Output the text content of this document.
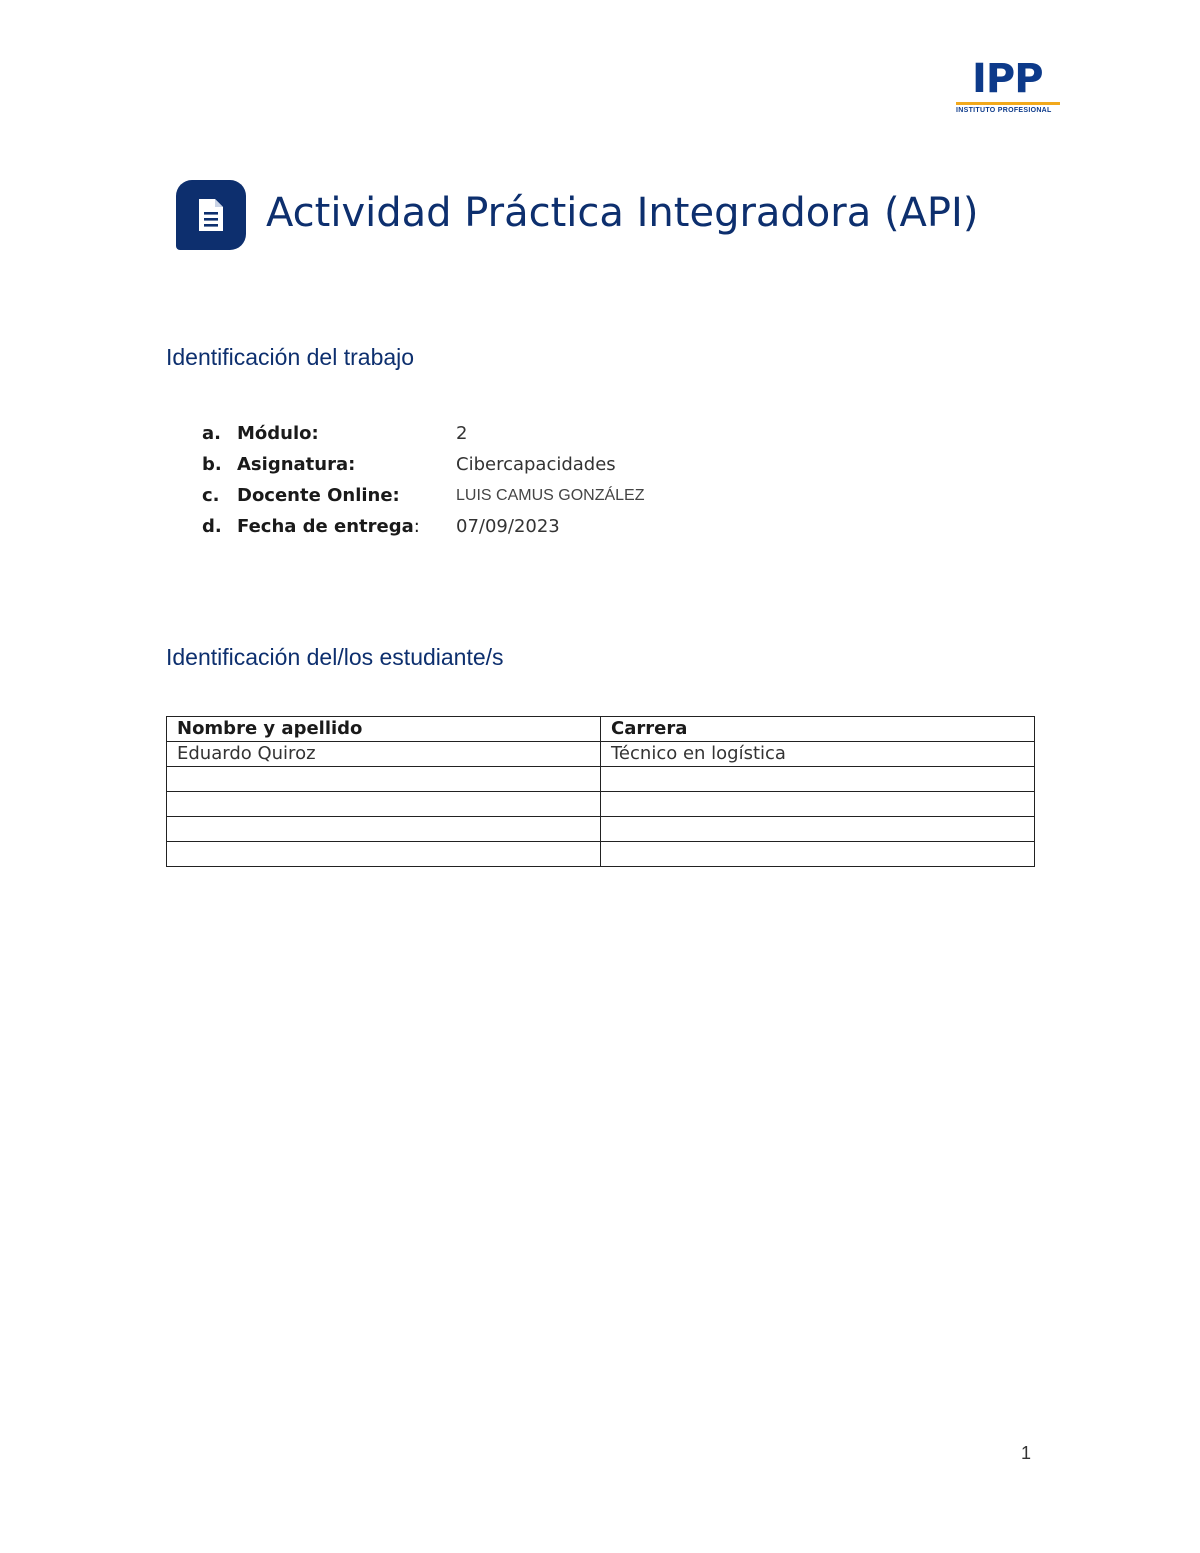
IPP
INSTITUTO PROFESIONAL
Actividad Práctica Integradora (API)
Identificación del trabajo
a. Módulo:	2
b. Asignatura:	Cibercapacidades
c. Docente Online:	LUIS CAMUS GONZÁLEZ
d. Fecha de entrega: 07/09/2023
Identificación del/los estudiante/s
Nombre y apellido	Carrera
Eduardo Quiroz	Técnico en logística

1
